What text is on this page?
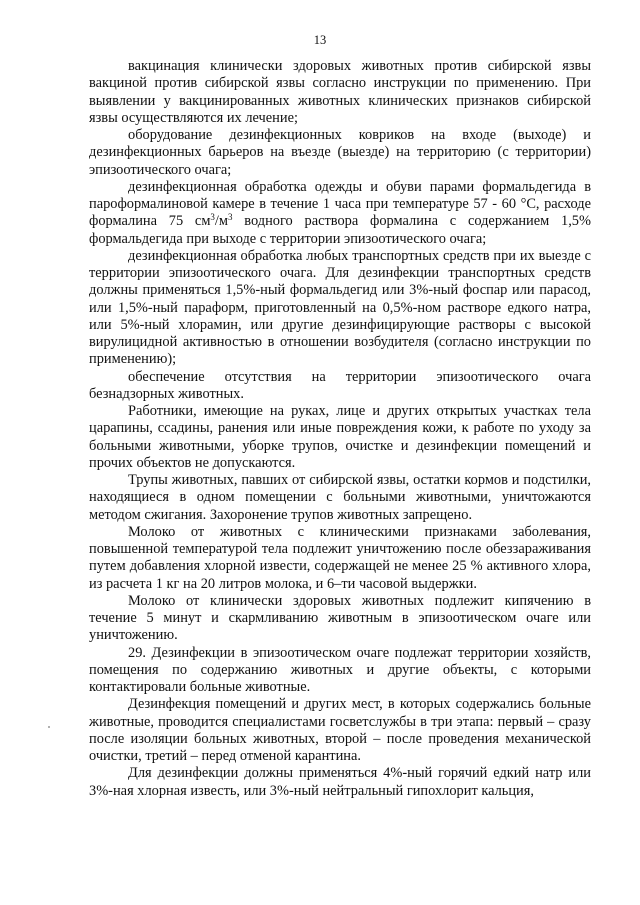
13

вакцинация клинически здоровых животных против сибирской язвы вакциной против сибирской язвы согласно инструкции по применению. При выявлении у вакцинированных животных клинических признаков сибирской язвы осуществляются их лечение;

оборудование дезинфекционных ковриков на входе (выходе) и дезинфекционных барьеров на въезде (выезде) на территорию (с территории) эпизоотического очага;

дезинфекционная обработка одежды и обуви парами формальдегида в пароформалиновой камере в течение 1 часа при температуре 57 - 60 °С, расходе формалина 75 $см^3/м^3$ водного раствора формалина с содержанием 1,5% формальдегида при выходе с территории эпизоотического очага;

дезинфекционная обработка любых транспортных средств при их выезде с территории эпизоотического очага. Для дезинфекции транспортных средств должны применяться 1,5%-ный формальдегид или 3%-ный фоспар или парасод, или 1,5%-ный параформ, приготовленный на 0,5%-ном растворе едкого натра, или 5%-ный хлорамин, или другие дезинфицирующие растворы с высокой вирулицидной активностью в отношении возбудителя (согласно инструкции по применению);

обеспечение отсутствия на территории эпизоотического очага безнадзорных животных.

Работники, имеющие на руках, лице и других открытых участках тела царапины, ссадины, ранения или иные повреждения кожи, к работе по уходу за больными животными, уборке трупов, очистке и дезинфекции помещений и прочих объектов не допускаются.

Трупы животных, павших от сибирской язвы, остатки кормов и подстилки, находящиеся в одном помещении с больными животными, уничтожаются методом сжигания. Захоронение трупов животных запрещено.

Молоко от животных с клиническими признаками заболевания, повышенной температурой тела подлежит уничтожению после обеззараживания путем добавления хлорной извести, содержащей не менее 25 % активного хлора, из расчета 1 кг на 20 литров молока, и 6–ти часовой выдержки.

Молоко от клинически здоровых животных подлежит кипячению в течение 5 минут и скармливанию животным в эпизоотическом очаге или уничтожению.

29. Дезинфекции в эпизоотическом очаге подлежат территории хозяйств, помещения по содержанию животных и другие объекты, с которыми контактировали больные животные.

Дезинфекция помещений и других мест, в которых содержались больные животные, проводится специалистами госветслужбы в три этапа: первый – сразу после изоляции больных животных, второй – после проведения механической очистки, третий – перед отменой карантина.

Для дезинфекции должны применяться 4%-ный горячий едкий натр или 3%-ная хлорная известь, или 3%-ный нейтральный гипохлорит кальция,
